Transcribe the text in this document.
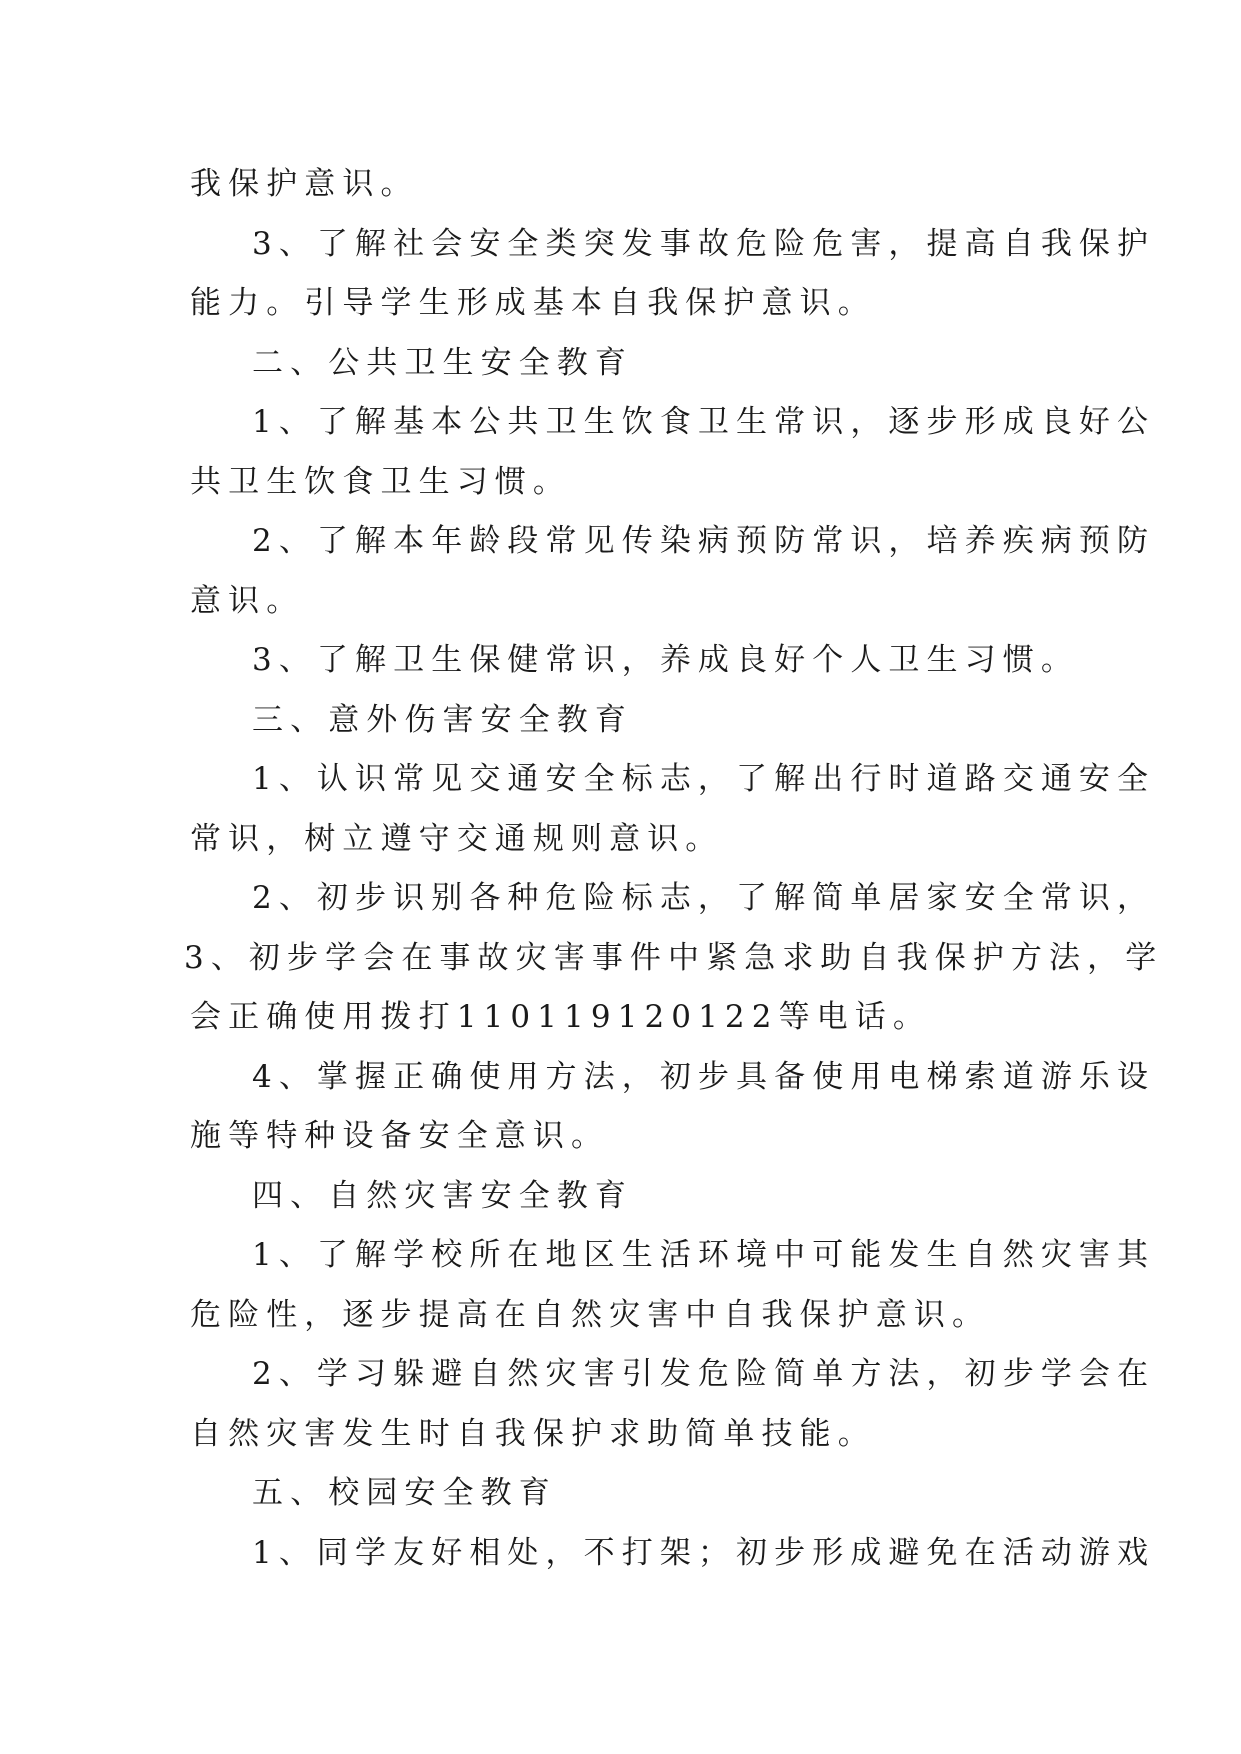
我保护意识。
3、了解社会安全类突发事故危险危害，提高自我保护
能力。引导学生形成基本自我保护意识。
二、公共卫生安全教育
1、了解基本公共卫生饮食卫生常识，逐步形成良好公
共卫生饮食卫生习惯。
2、了解本年龄段常见传染病预防常识，培养疾病预防
意识。
3、了解卫生保健常识，养成良好个人卫生习惯。
三、意外伤害安全教育
1、认识常见交通安全标志，了解出行时道路交通安全
常识，树立遵守交通规则意识。
2、初步识别各种危险标志，了解简单居家安全常识，
3、初步学会在事故灾害事件中紧急求助自我保护方法，学
会正确使用拨打110119120122等电话。
4、掌握正确使用方法，初步具备使用电梯索道游乐设
施等特种设备安全意识。
四、自然灾害安全教育
1、了解学校所在地区生活环境中可能发生自然灾害其
危险性，逐步提高在自然灾害中自我保护意识。
2、学习躲避自然灾害引发危险简单方法，初步学会在
自然灾害发生时自我保护求助简单技能。
五、校园安全教育
1、同学友好相处，不打架；初步形成避免在活动游戏
